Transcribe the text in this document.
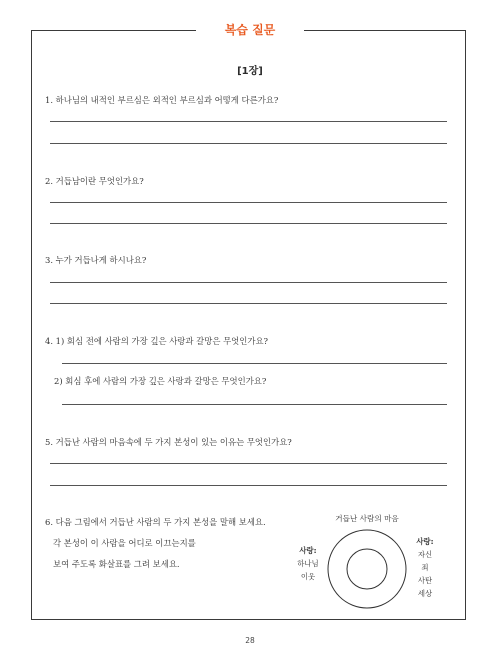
복습 질문
[1장]
1. 하나님의 내적인 부르심은 외적인 부르심과 어떻게 다른가요?
2. 거듭남이란 무엇인가요?
3. 누가 거듭나게 하시나요?
4. 1) 회심 전에 사람의 가장 깊은 사랑과 갈망은 무엇인가요?
2) 회심 후에 사람의 가장 깊은 사랑과 갈망은 무엇인가요?
5. 거듭난 사람의 마음속에 두 가지 본성이 있는 이유는 무엇인가요?
6. 다음 그림에서 거듭난 사람의 두 가지 본성을 말해 보세요.
각 본성이 이 사람을 어디로 이끄는지를
보여 주도록 화살표를 그려 보세요.
거듭난 사람의 마음
사랑:
하나님
이웃
사랑:
자신
죄
사탄
세상
28
